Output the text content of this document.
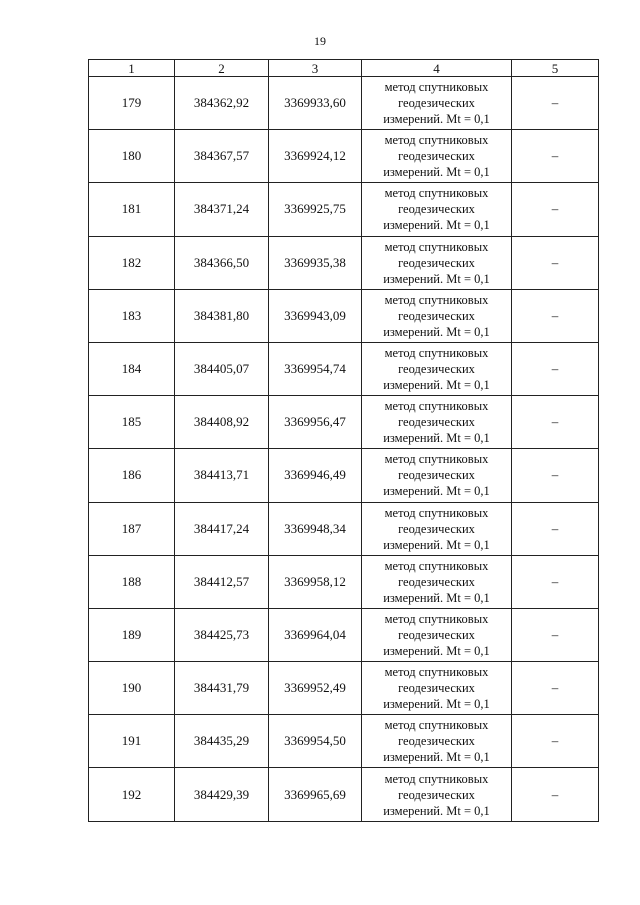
19
1	2	3	4	5
179	384362,92	3369933,60	метод спутниковых
геодезических
измерений. Mt = 0,1	–
180	384367,57	3369924,12	метод спутниковых
геодезических
измерений. Mt = 0,1	–
181	384371,24	3369925,75	метод спутниковых
геодезических
измерений. Mt = 0,1	–
182	384366,50	3369935,38	метод спутниковых
геодезических
измерений. Mt = 0,1	–
183	384381,80	3369943,09	метод спутниковых
геодезических
измерений. Mt = 0,1	–
184	384405,07	3369954,74	метод спутниковых
геодезических
измерений. Mt = 0,1	–
185	384408,92	3369956,47	метод спутниковых
геодезических
измерений. Mt = 0,1	–
186	384413,71	3369946,49	метод спутниковых
геодезических
измерений. Mt = 0,1	–
187	384417,24	3369948,34	метод спутниковых
геодезических
измерений. Mt = 0,1	–
188	384412,57	3369958,12	метод спутниковых
геодезических
измерений. Mt = 0,1	–
189	384425,73	3369964,04	метод спутниковых
геодезических
измерений. Mt = 0,1	–
190	384431,79	3369952,49	метод спутниковых
геодезических
измерений. Mt = 0,1	–
191	384435,29	3369954,50	метод спутниковых
геодезических
измерений. Mt = 0,1	–
192	384429,39	3369965,69	метод спутниковых
геодезических
измерений. Mt = 0,1	–
